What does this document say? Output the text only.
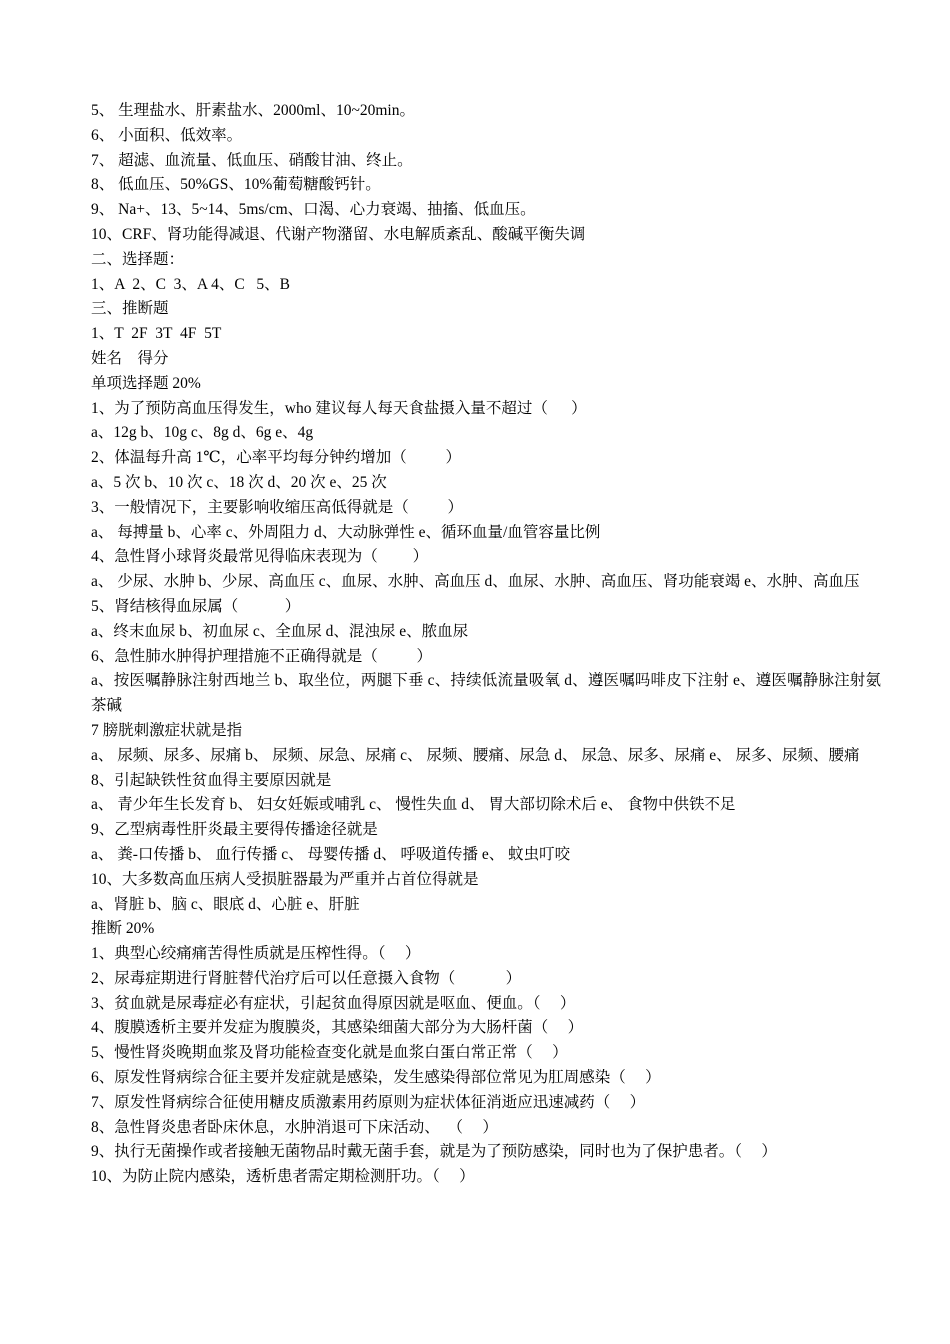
5、 生理盐水、肝素盐水、2000ml、10~20min。
6、 小面积、低效率。
7、 超滤、血流量、低血压、硝酸甘油、终止。
8、 低血压、50%GS、10%葡萄糖酸钙针。
9、 Na+、13、5~14、5ms/cm、口渴、心力衰竭、抽搐、低血压。
10、CRF、肾功能得减退、代谢产物潴留、水电解质紊乱、酸碱平衡失调
二、选择题：
1、A  2、C  3、A 4、C   5、B
三、推断题
1、T  2F  3T  4F  5T
姓名    得分
单项选择题 20%
1、为了预防高血压得发生，who 建议每人每天食盐摄入量不超过（      ）
a、12g b、10g c、8g d、6g e、4g
2、体温每升高 1℃，心率平均每分钟约增加（          ）
a、5 次 b、10 次 c、18 次 d、20 次 e、25 次
3、一般情况下，主要影响收缩压高低得就是（          ）
a、 每搏量 b、心率 c、外周阻力 d、大动脉弹性 e、循环血量/血管容量比例
4、急性肾小球肾炎最常见得临床表现为（         ）
a、 少尿、水肿 b、少尿、高血压 c、血尿、水肿、高血压 d、血尿、水肿、高血压、肾功能衰竭 e、水肿、高血压
5、肾结核得血尿属（            ）
a、终末血尿 b、初血尿 c、全血尿 d、混浊尿 e、脓血尿
6、急性肺水肿得护理措施不正确得就是（          ）
a、按医嘱静脉注射西地兰 b、取坐位，两腿下垂 c、持续低流量吸氧 d、遵医嘱吗啡皮下注射 e、遵医嘱静脉注射氨茶碱
7 膀胱刺激症状就是指
a、 尿频、尿多、尿痛 b、 尿频、尿急、尿痛 c、 尿频、腰痛、尿急 d、 尿急、尿多、尿痛 e、 尿多、尿频、腰痛
8、引起缺铁性贫血得主要原因就是
a、 青少年生长发育 b、 妇女妊娠或哺乳 c、 慢性失血 d、 胃大部切除术后 e、 食物中供铁不足
9、乙型病毒性肝炎最主要得传播途径就是
a、 粪-口传播 b、 血行传播 c、 母婴传播 d、 呼吸道传播 e、 蚊虫叮咬
10、大多数高血压病人受损脏器最为严重并占首位得就是
a、肾脏 b、脑 c、眼底 d、心脏 e、肝脏
推断 20%
1、典型心绞痛痛苦得性质就是压榨性得。（     ）
2、尿毒症期进行肾脏替代治疗后可以任意摄入食物（             ）
3、贫血就是尿毒症必有症状，引起贫血得原因就是呕血、便血。（     ）
4、腹膜透析主要并发症为腹膜炎，其感染细菌大部分为大肠杆菌（     ）
5、慢性肾炎晚期血浆及肾功能检查变化就是血浆白蛋白常正常（     ）
6、原发性肾病综合征主要并发症就是感染，发生感染得部位常见为肛周感染（     ）
7、原发性肾病综合征使用糖皮质激素用药原则为症状体征消逝应迅速减药（     ）
8、急性肾炎患者卧床休息，水肿消退可下床活动、  （     ）
9、执行无菌操作或者接触无菌物品时戴无菌手套，就是为了预防感染，同时也为了保护患者。（     ）
10、为防止院内感染，透析患者需定期检测肝功。（     ）
